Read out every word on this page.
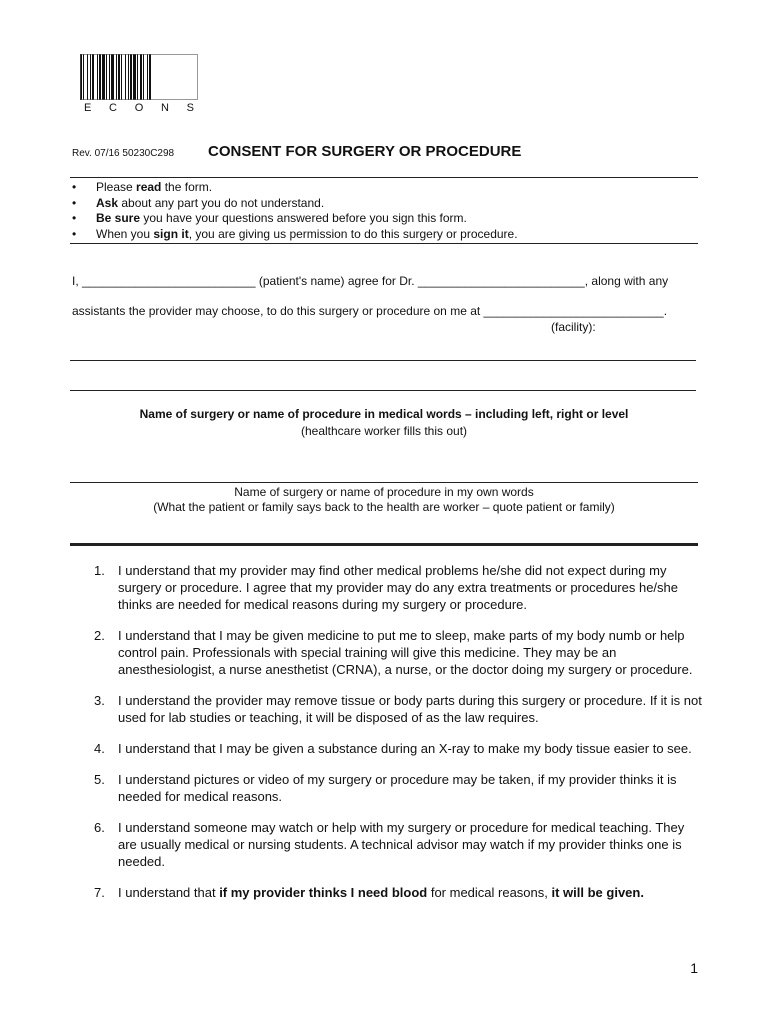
E C O N S
Rev. 07/16 50230C298 CONSENT FOR SURGERY OR PROCEDURE
• Please read the form.
• Ask about any part you do not understand.
• Be sure you have your questions answered before you sign this form.
• When you sign it, you are giving us permission to do this surgery or procedure.
I, __________________________ (patient's name) agree for Dr. _________________________, along with any
assistants the provider may choose, to do this surgery or procedure on me at ___________________________.
(facility):
Name of surgery or name of procedure in medical words – including left, right or level
(healthcare worker fills this out)
Name of surgery or name of procedure in my own words
(What the patient or family says back to the health are worker – quote patient or family)
1. I understand that my provider may find other medical problems he/she did not expect during my surgery or procedure. I agree that my provider may do any extra treatments or procedures he/she thinks are needed for medical reasons during my surgery or procedure.
2. I understand that I may be given medicine to put me to sleep, make parts of my body numb or help control pain. Professionals with special training will give this medicine. They may be an anesthesiologist, a nurse anesthetist (CRNA), a nurse, or the doctor doing my surgery or procedure.
3. I understand the provider may remove tissue or body parts during this surgery or procedure. If it is not used for lab studies or teaching, it will be disposed of as the law requires.
4. I understand that I may be given a substance during an X-ray to make my body tissue easier to see.
5. I understand pictures or video of my surgery or procedure may be taken, if my provider thinks it is needed for medical reasons.
6. I understand someone may watch or help with my surgery or procedure for medical teaching. They are usually medical or nursing students. A technical advisor may watch if my provider thinks one is needed.
7. I understand that if my provider thinks I need blood for medical reasons, it will be given.
1
